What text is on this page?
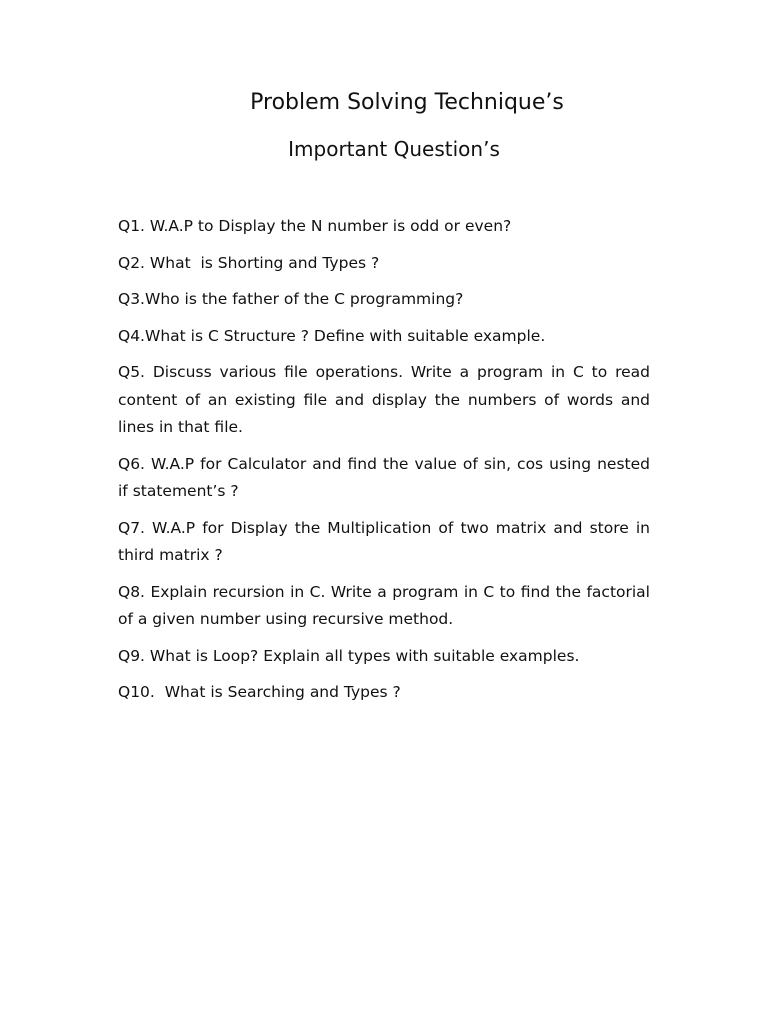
Problem Solving Technique’s
Important Question’s
Q1. W.A.P to Display the N number is odd or even?
Q2. What  is Shorting and Types ?
Q3.Who is the father of the C programming?
Q4.What is C Structure ? Define with suitable example.
Q5. Discuss various file operations. Write a program in C to read content of an existing file and display the numbers of words and lines in that file.
Q6. W.A.P for Calculator and find the value of sin, cos using nested if statement’s ?
Q7. W.A.P for Display the Multiplication of two matrix and store in third matrix ?
Q8. Explain recursion in C. Write a program in C to find the factorial of a given number using recursive method.
Q9. What is Loop? Explain all types with suitable examples.
Q10.  What is Searching and Types ?
